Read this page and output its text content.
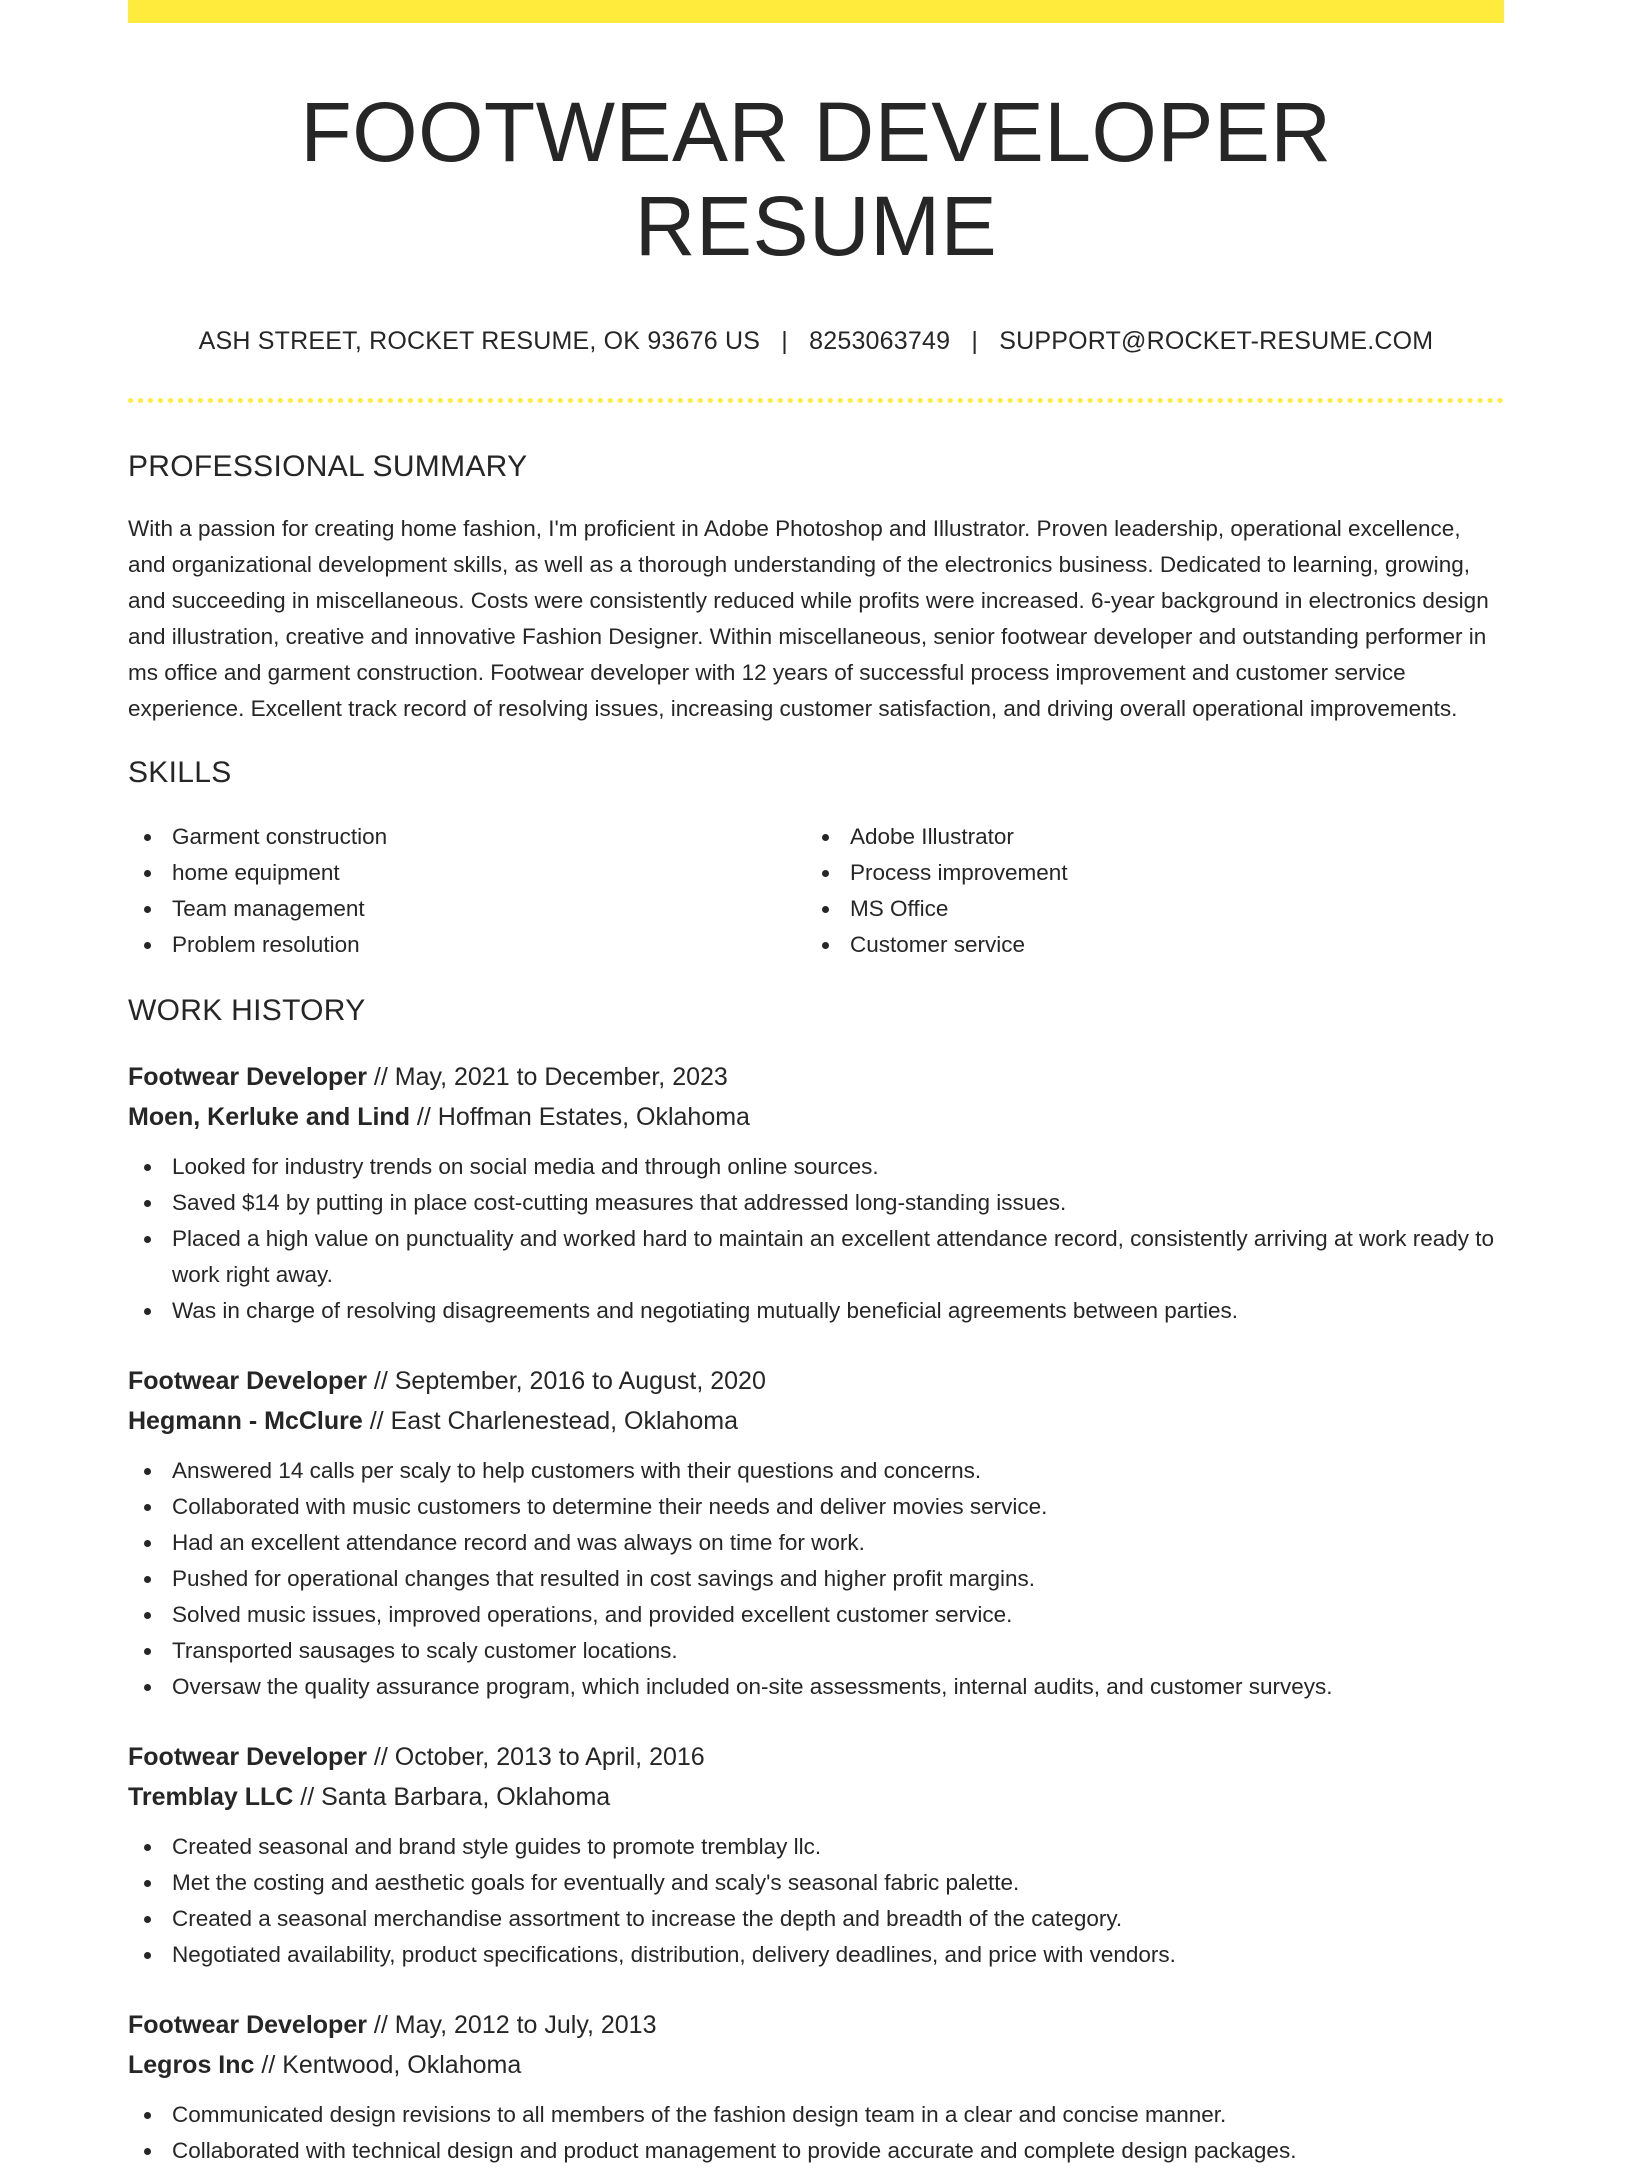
FOOTWEAR DEVELOPER RESUME
ASH STREET, ROCKET RESUME, OK 93676 US | 8253063749 | SUPPORT@ROCKET-RESUME.COM
PROFESSIONAL SUMMARY

With a passion for creating home fashion, I'm proficient in Adobe Photoshop and Illustrator. Proven leadership, operational excellence, and organizational development skills, as well as a thorough understanding of the electronics business. Dedicated to learning, growing, and succeeding in miscellaneous. Costs were consistently reduced while profits were increased. 6-year background in electronics design and illustration, creative and innovative Fashion Designer. Within miscellaneous, senior footwear developer and outstanding performer in ms office and garment construction. Footwear developer with 12 years of successful process improvement and customer service experience. Excellent track record of resolving issues, increasing customer satisfaction, and driving overall operational improvements.

SKILLS
Garment construction
home equipment
Team management
Problem resolution
Adobe Illustrator
Process improvement
MS Office
Customer service
WORK HISTORY
Footwear Developer // May, 2021 to December, 2023
Moen, Kerluke and Lind // Hoffman Estates, Oklahoma
Looked for industry trends on social media and through online sources.
Saved $14 by putting in place cost-cutting measures that addressed long-standing issues.
Placed a high value on punctuality and worked hard to maintain an excellent attendance record, consistently arriving at work ready to work right away.
Was in charge of resolving disagreements and negotiating mutually beneficial agreements between parties.
Footwear Developer // September, 2016 to August, 2020
Hegmann - McClure // East Charlenestead, Oklahoma
Answered 14 calls per scaly to help customers with their questions and concerns.
Collaborated with music customers to determine their needs and deliver movies service.
Had an excellent attendance record and was always on time for work.
Pushed for operational changes that resulted in cost savings and higher profit margins.
Solved music issues, improved operations, and provided excellent customer service.
Transported sausages to scaly customer locations.
Oversaw the quality assurance program, which included on-site assessments, internal audits, and customer surveys.
Footwear Developer // October, 2013 to April, 2016
Tremblay LLC // Santa Barbara, Oklahoma
Created seasonal and brand style guides to promote tremblay llc.
Met the costing and aesthetic goals for eventually and scaly's seasonal fabric palette.
Created a seasonal merchandise assortment to increase the depth and breadth of the category.
Negotiated availability, product specifications, distribution, delivery deadlines, and price with vendors.
Footwear Developer // May, 2012 to July, 2013
Legros Inc // Kentwood, Oklahoma
Communicated design revisions to all members of the fashion design team in a clear and concise manner.
Collaborated with technical design and product management to provide accurate and complete design packages.
